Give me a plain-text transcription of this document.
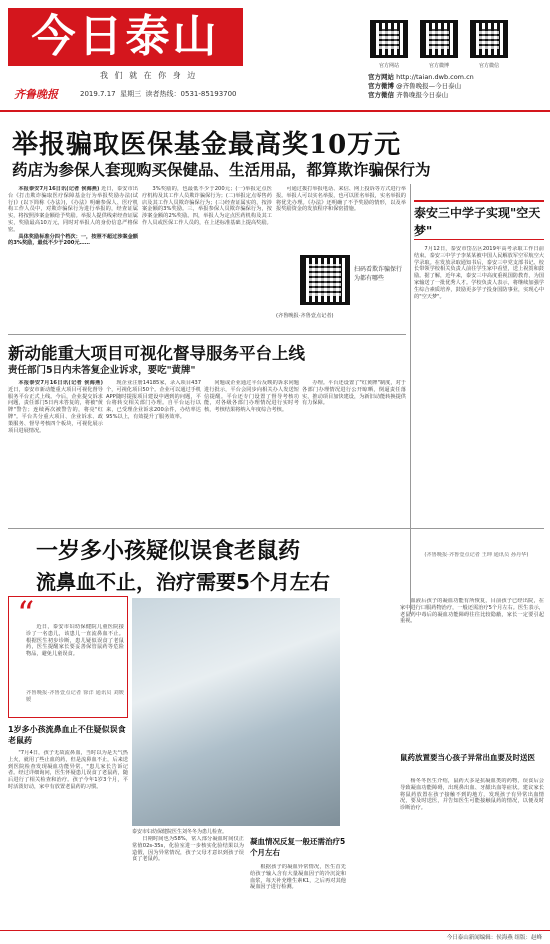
今日泰山
我 们 就 在 你 身 边
齐鲁晚报	2019.7.17 星期三 读者热线：0531-85193700
官方网站	官方微博	官方微信
官方网站 http://taian.dwb.com.cn
官方微博 @齐鲁晚报—今日泰山
官方微信 齐鲁晚报今日泰山
举报骗取医保基金最高奖10万元
药店为参保人套现购买保健品、生活用品，都算欺诈骗保行为

本报泰安7月16日讯(记者 侯海燕) 近日，泰安市出台《打击欺诈骗取医疗保障基金行为举报奖励办法(试行)》(以下简称《办法》)，《办法》明确参保人、医疗机构工作人员中，对欺诈骗保行为进行举报的，经查证属实，将按照涉案金额给予奖励。举报人提供线索经查证属实，奖励最高10万元，同时对举报人的身份信息严格保密。

具体奖励标准分四个档次：一，按照不超过涉案金额的3%奖励，最低不少于200元……

3%奖励的，也最低不少于200元；(一)举报定点医疗机构及其工作人员欺诈骗保行为；(二)举报定点零售药店及其工作人员欺诈骗保行为；(三)经查证属实的，按涉案金额的3%奖励。三，举报参保人员欺诈骗保行为，按涉案金额的2%奖励。四，举报人为定点医药机构及其工作人员或医保工作人员的，在上述标准基础上提高奖励。

可通过拨打举报电话、来信、网上投诉等方式进行举报。举报人可以实名举报，也可以匿名举报，实名举报的将优先办理。《办法》还明确了不予奖励的情形，以及举报奖励资金的发放程序和保密措施。

扫码看欺诈骗保行为都有哪些
(齐鲁晚报·齐鲁壹点记者)
泰安三中学子实现"空天梦"

7月12日，泰安市岱岳区2019年高考录取工作日前结束。泰安三中学子李某某被中国人民解放军空军航空大学录取。在发放录取通知书后，泰安三中党支部书记、校长带领学校相关负责人前往学生家中看望，送上祝贺和鼓励。据了解，近年来，泰安三中高度重视国防教育，为国家输送了一批优秀人才。学校负责人表示，将继续加强学生综合素质培养，鼓励更多学子投身国防事业，实现心中的"空天梦"。

(齐鲁晚报·齐鲁壹点记者 王坤 通讯员 孙丹华)

新动能重大项目可视化督导服务平台上线
责任部门5日内未答复企业诉求，要吃"黄牌"

本报泰安7月16日讯(记者 侯海燕) 近日，泰安市新动能重大项目可视化督导服务平台正式上线。今后，企业提交诉求问题，责任部门5日内未答复的，将被"黄牌"警告；连续两次被警告的，将亮"红牌"。平台共分重大项目、企业诉求、政策服务、督导考核四个板块，可视化展示项目进展情况。

现企业注册14185家，录入项目437个，可视化项目50个。企业可以通过手机APP随时提报项目建设中遇到的问题，平台将转交相关部门办理。自平台运行以来，已受理企业诉求200余件，办结率达95%以上，有效提升了服务效率。

问题或企业通过平台反映的诉求问题进行批示，平台会同步向相关办人发送短信提醒。平台还专门设置了督导考核功能，对各级各部门办理情况进行实时考核，考核结果将纳入年度综合考核。

办理。平台还设置了"红黄牌"制度，对于各部门办理情况进行公开晾晒，倒逼责任落实，推动项目加快建设，为新旧动能转换提供有力保障。

一岁多小孩疑似误食老鼠药
流鼻血不止，治疗需要5个月左右
“ 近日，泰安市妇幼保健院儿童医院接诊了一名患儿，该患儿一直流鼻血不止。根据医生初步诊断，患儿疑似误食了老鼠药，医生提醒家长要妥善保管鼠药等危险物品，避免儿童误食。

齐鲁晚报·齐鲁壹点记者 徐洋 通讯员 刘媛媛

泰安市妇幼保健院医生刘冬冬为患儿检查。
1岁多小孩流鼻血止不住疑似误食老鼠药

"7月4日，孩子无故流鼻血，当时以为是天气热上火，就用了些止血的药，但是流鼻血不止，后来送到医院检查发现凝血功能异常。"患儿家长告诉记者。经过详细询问，医生怀疑患儿误食了老鼠药，随后进行了相关检查和治疗。孩子今年1岁3个月，平时活泼好动，家中有放置老鼠药的习惯。

日期时间也为58%，常人部分凝血时间仅正常值02s-35s，化验室进一步核实化验结果以为造假，因为异常情况，孩子父母才意识到孩子误食了老鼠药。

凝血情况反复一般还需治疗5个月左右

根据孩子的凝血异常情况，医生首先给孩子输入含有大量凝血因子的冷沉淀和血浆，每天补充维生素K1，之后再对其他凝血因子进行检测。

血液后孩子的凝血功能有所恢复，目前孩子已经出院，在家中进行口服药物治疗，一般还需治疗5个月左右。医生表示，老鼠药中毒后的凝血功能障碍往往比较隐蔽，家长一定要引起重视。

鼠药放置要当心孩子异常出血要及时送医

杨冬冬医生介绍，鼠药大多是抗凝血类的药物，误食后会导致凝血功能障碍，出现鼻出血、牙龈出血等症状。建议家长将鼠药放置在孩子接触不到的地方，发现孩子有异常出血情况，要及时送医，并告知医生可能接触鼠药的情况，以便及时诊断治疗。

今日泰山新闻编辑：侯海燕 组版：赵峰
